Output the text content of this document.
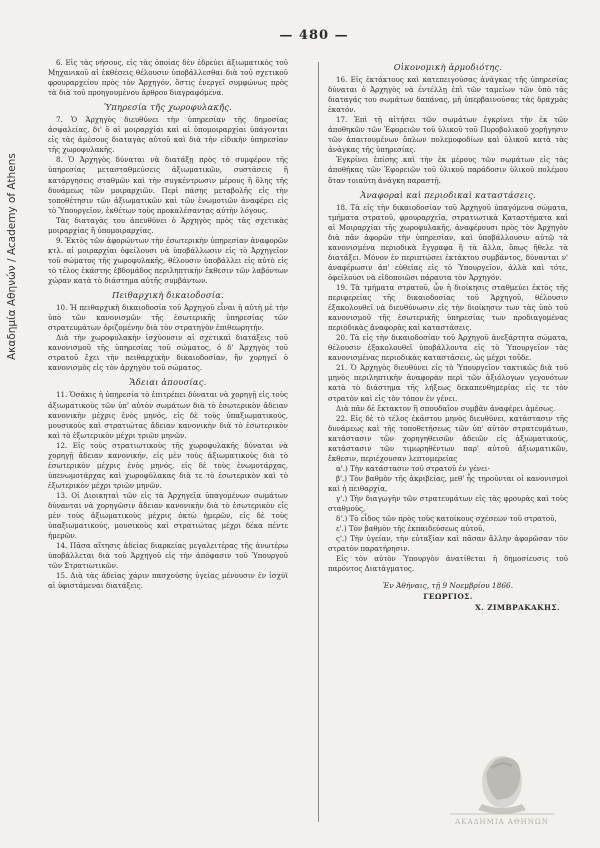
Ακαδημία Αθηνών / Academy of Athens
— 480 —

6. Εἰς τὰς νήσους, εἰς τὰς ὁποίας δὲν ἑδρεύει ἀξιωματικὸς τοῦ Μηχανικοῦ αἱ ἐκθέσεις θέλουσιν ὑποβάλλεσθαι διὰ τοῦ σχετικοῦ φρουραρχείου πρὸς τὸν Ἀρχηγόν, ὅστις ἐνεργεῖ συμφώνως πρὸς τὰ διὰ τοῦ προηγουμένου ἄρθρου διαγραφόμενα.

Ὑπηρεσία τῆς χωροφυλακῆς.

7. Ὁ Ἀρχηγὸς διευθύνει τὴν ὑπηρεσίαν τῆς δημοσίας ἀσφαλείας, δι' ὃ αἱ μοιραρχίαι καὶ αἱ ὑπομοιραρχίαι ὑπάγονται εἰς τὰς ἀμέσους διαταγὰς αὐτοῦ καὶ διὰ τὴν εἰδικὴν ὑπηρεσίαν τῆς χωροφυλακῆς.

8. Ὁ Ἀρχηγὸς δύναται νὰ διατάξῃ πρὸς τὸ συμφέρον τῆς ὑπηρεσίας μετασταθμεύσεις ἀξιωματικῶν, συστάσεις ἢ κατάργησεις σταθμῶν καὶ τὴν συγκέντρωσιν μέρους ἢ ὅλης τῆς δυνάμεως τῶν μοιραρχιῶν. Περὶ πάσης μεταβολῆς εἰς τὴν τοποθέτησιν τῶν ἀξιωματικῶν καὶ τῶν ἐνωμοτιῶν ἀναφέρει εἰς τὸ Ὑπουργεῖον, ἐκθέτων τοὺς προκαλέσαντας αὐτὴν λόγους.

Τὰς διαταγὰς του ἀπευθύνει ὁ Ἀρχηγὸς πρὸς τὰς σχετικὰς μοιραρχίας ἢ ὑπομοιραρχίας.

9. Ἐκτὸς τῶν ἀφορώντων τὴν ἐσωτερικὴν ὑπηρεσίαν ἀναφορῶν κτλ. αἱ μοιραρχίαι ὀφείλουσι νὰ ὑποβάλλωσιν εἰς τὸ Ἀρχηγεῖον τοῦ σώματος τῆς χωροφυλακῆς, θέλουσιν ὑποβάλλει εἰς αὐτὸ εἰς τὸ τέλος ἑκάστης ἑβδομάδος περιληπτικὴν ἔκθεσιν τῶν λαβόντων χώραν κατὰ τὸ διάστημα αὐτῆς συμβάντων.

Πειθαρχικὴ δικαιοδοσία.

10. Ἡ πειθαρχικὴ δικαιοδοσία τοῦ Ἀρχηγοῦ εἶναι ἡ αὐτὴ μὲ τὴν ὑπὸ τῶν κανονισμῶν τῆς ἐσωτερικῆς ὑπηρεσίας τῶν στρατευμάτων ὁριζομένην διὰ τὸν στρατηγὸν ἐπιθεωρητήν.

Διὰ τὴν χωροφυλακὴν ἰσχύουσιν αἱ σχετικαὶ διατάξεις τοῦ κανονισμοῦ τῆς ὑπηρεσίας τοῦ σώματος, ὁ δ' Ἀρχηγὸς τοῦ στρατοῦ ἔχει τὴν πειθαρχικὴν δικαιοδοσίαν, ἣν χορηγεῖ ὁ κανονισμὸς εἰς τὸν ἀρχηγὸν τοῦ σώματος.

Ἄδειαι ἀπουσίας.

11. Ὁσάκις ἡ ὑπηρεσία τὸ ἐπιτρέπει δύναται νὰ χορηγῇ εἰς τοὺς ἀξιωματικοὺς τῶν ὑπ' αὐτὸν σωμάτων διὰ τὸ ἐσωτερικὸν ἄδειαν κανονικὴν μέχρις ἑνὸς μηνός, εἰς δὲ τοὺς ὑπαξιωματικούς, μουσικοὺς καὶ στρατιώτας ἄδειαν κανονικὴν διὰ τὸ ἐσωτερικὸν καὶ τὸ ἐξωτερικὸν μέχρι τριῶν μηνῶν.

12. Εἰς τοὺς στρατιωτικοὺς τῆς χωροφυλακῆς δύναται νὰ χορηγῇ ἄδειαν κανονικήν, εἰς μὲν τοὺς ἀξιωματικοὺς διὰ τὸ ἐσωτερικὸν μέχρις ἑνὸς μηνός, εἰς δὲ τοὺς ἐνωμοτάρχας, ὑπενωμοτάρχας καὶ χωροφύλακας διὰ τε τὸ ἐσωτερικὸν καὶ τὸ ἐξωτερικὸν μέχρι τριῶν μηνῶν.

13. Οἱ Διοικηταὶ τῶν εἰς τὰ Ἀρχηγεῖα ὑπαγομένων σωμάτων δύνανται νὰ χορηγῶσιν ἄδειαν κανονικὴν διὰ τὸ ἐσωτερικὸν εἰς μὲν τοὺς ἀξιωματικοὺς μέχρις ὀκτὼ ἡμερῶν, εἰς δὲ τοὺς ὑπαξιωματικούς, μουσικοὺς καὶ στρατιώτας μέχρι δέκα πέντε ἡμερῶν.

14. Πᾶσα αἴτησις ἀδείας διαρκείας μεγαλειτέρας τῆς ἀνωτέρω ὑποβάλλεται διὰ τοῦ Ἀρχηγοῦ εἰς τὴν ἀπόφασιν τοῦ Ὑπουργοῦ τῶν Στρατιωτικῶν.

15. Διὰ τὰς ἀδείας χάριν πασχούσης ὑγείας μένουσιν ἐν ἰσχύϊ αἱ ὑφιστάμεναι διατάξεις.

Οἰκονομικὴ ἁρμοδιότης.

16. Εἰς ἐκτάκτους καὶ κατεπειγούσας ἀνάγκας τῆς ὑπηρεσίας δύναται ὁ Ἀρχηγὸς νὰ ἐντέλλῃ ἐπὶ τῶν ταμείων τῶν ὑπὸ τὰς διαταγάς του σωμάτων δαπάνας, μὴ ὑπερβαινούσας τὰς δραχμὰς ἑκατόν.

17. Ἐπὶ τῇ αἰτήσει τῶν σωμάτων ἐγκρίνει τὴν ἐκ τῶν ἀποθηκῶν τῶν Ἐφορειῶν τοῦ ὑλικοῦ τοῦ Πυροβολικοῦ χορήγησιν τῶν ἀπαιτουμένων ὅπλων πολεμοφοδίων καὶ ὑλικοῦ κατὰ τὰς ἀνάγκας τῆς ὑπηρεσίας.

Ἐγκρίνει ἐπίσης καὶ τὴν ἐκ μέρους τῶν σωμάτων εἰς τὰς ἀποθήκας τῶν Ἐφορειῶν τοῦ ὑλικοῦ παράδοσιν ὑλικοῦ πολέμου ὅταν τοιαύτη ἀνάγκη παραστῇ.

Ἀναφοραὶ καὶ περιοδικαὶ καταστάσεις.

18. Τὰ εἰς τὴν δικαιοδοσίαν τοῦ Ἀρχηγοῦ ὑπαγόμενα σώματα, τμήματα στρατοῦ, φρουραρχεῖα, στρατιωτικὰ Καταστήματα καὶ αἱ Μοιραρχίαι τῆς χωροφυλακῆς, ἀναφέρουσι πρὸς τὸν Ἀρχηγὸν διὰ πᾶν ἀφορῶν τὴν ὑπηρεσίαν, καὶ ὑποβάλλουσιν αὐτῷ τὰ κανονισμένα περιοδικὰ ἔγγραφα ἢ τὰ ἄλλα, ὅπως ἤθελε τὰ διατάξει. Μόνον ἐν περιπτώσει ἐκτάκτου συμβάντος, δύνανται ν' ἀναφέρωσιν ἀπ' εὐθείας εἰς τὸ Ὑπουργεῖον, ἀλλὰ καὶ τότε, ὀφείλουσι νὰ εἰδοποιῶσι πάραυτα τὸν Ἀρχηγόν.

19. Τὰ τμήματα στρατοῦ, ὧν ἡ διοίκησις σταθμεύει ἐκτὸς τῆς περιφερείας τῆς δικαιοδοσίας τοῦ Ἀρχηγοῦ, θέλουσιν ἐξακολουθεῖ νὰ διευθύνωσιν εἰς τὴν διοίκησιν των τὰς ὑπὸ τοῦ κανονισμοῦ τῆς ἐσωτερικῆς ὑπηρεσίας των προδιαγομένας περιοδικὰς ἀναφορὰς καὶ καταστάσεις.

20. Τὰ εἰς τὴν δικαιοδοσίαν τοῦ Ἀρχηγοῦ ἀνεξάρτητα σώματα, θέλουσιν ἐξακολουθεῖ ὑποβάλλοντα εἰς τὸ Ὑπουργεῖον τὰς κανονισμένας περιοδικὰς καταστάσεις, ὡς μέχρι τοῦδε.

21. Ὁ Ἀρχηγὸς διευθύνει εἰς τὸ Ὑπουργεῖον τακτικῶς διὰ τοῦ μηνὸς περιληπτικὴν ἀναφορὰν περὶ τῶν ἀξιόλογων γεγονότων κατὰ τὸ διάστημα τῆς λήξεως δεκαπενθημερίας εἰς τε τὸν στρατὸν καὶ εἰς τὸν τόπον ἐν γένει.

Διὰ πᾶν δὲ ἔκτακτον ἢ σπουδαῖον συμβὰν ἀναφέρει ἀμέσως.

22. Εἰς δὲ τὸ τέλος ἑκάστου μηνὸς διευθύνει, κατάστασιν τῆς δυνάμεως καὶ τῆς τοποθετήσεως τῶν ὑπ' αὐτὸν στρατευμάτων, κατάστασιν τῶν χορηγηθεισῶν ἀδειῶν εἰς ἀξιωματικούς, κατάστασιν τῶν τιμωρηθέντων παρ' αὐτοῦ ἀξιωματικῶν, ἔκθεσιν, περιέχουσαν λεπτομερείας

α'.) Τὴν κατάστασιν τοῦ στρατοῦ ἐν γένει·

β'.) Τὸν βαθμὸν τῆς ἀκριβείας, μεθ' ἧς τηροῦνται οἱ κανονισμοὶ καὶ ἡ πειθαρχία,

γ'.) Τὴν διαγωγὴν τῶν στρατευμάτων εἰς τὰς φρουρὰς καὶ τοὺς σταθμούς,

δ'.) Τὸ εἶδος τῶν πρὸς τοὺς κατοίκους σχέσεων τοῦ στρατοῦ,

ε'.) Τὸν βαθμὸν τῆς ἐκπαιδεύσεως αὐτοῦ,

ς'.) Τὴν ὑγείαν, τὴν εὐταξίαν καὶ πᾶσαν ἄλλην ἀφορῶσαν τὸν στρατὸν παρατήρησιν.

Εἰς τὸν αὐτὸν Ὑπουργὸν ἀνατίθεται ἡ δημοσίευσις τοῦ παρόντος Διατάγματος.

Ἐν Ἀθήναις, τῇ 9 Νοεμβρίου 1866.
ΓΕΩΡΓΙΟΣ.
Χ. ΖΙΜΒΡΑΚΑΚΗΣ.
ΑΚΑΔΗΜΙΑ ΑΘΗΝΩΝ
